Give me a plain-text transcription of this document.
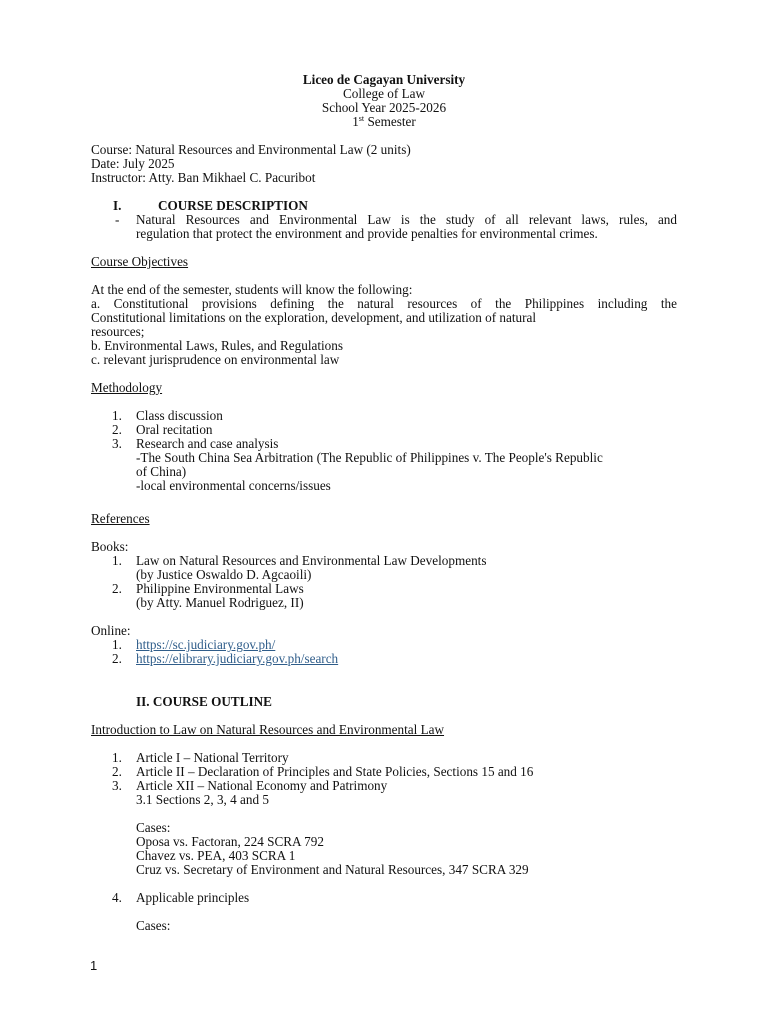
Liceo de Cagayan University
College of Law
School Year 2025-2026
1st Semester
Course: Natural Resources and Environmental Law (2 units)
Date: July 2025
Instructor: Atty. Ban Mikhael C. Pacuribot
I.	COURSE DESCRIPTION
- Natural Resources and Environmental Law is the study of all relevant laws, rules, and
regulation that protect the environment and provide penalties for environmental crimes.
Course Objectives
At the end of the semester, students will know the following:
a. Constitutional provisions defining the natural resources of the Philippines including the
Constitutional limitations on the exploration, development, and utilization of natural
resources;
b. Environmental Laws, Rules, and Regulations
c. relevant jurisprudence on environmental law
Methodology
1. Class discussion
2. Oral recitation
3. Research and case analysis
-The South China Sea Arbitration (The Republic of Philippines v. The People's Republic
of China)
-local environmental concerns/issues
References
Books:
1. Law on Natural Resources and Environmental Law Developments
(by Justice Oswaldo D. Agcaoili)
2. Philippine Environmental Laws
(by Atty. Manuel Rodriguez, II)
Online:
1. https://sc.judiciary.gov.ph/
2. https://elibrary.judiciary.gov.ph/search
II. COURSE OUTLINE
Introduction to Law on Natural Resources and Environmental Law
1. Article I – National Territory
2. Article II – Declaration of Principles and State Policies, Sections 15 and 16
3. Article XII – National Economy and Patrimony
3.1 Sections 2, 3, 4 and 5
Cases:
Oposa vs. Factoran, 224 SCRA 792
Chavez vs. PEA, 403 SCRA 1
Cruz vs. Secretary of Environment and Natural Resources, 347 SCRA 329
4. Applicable principles
Cases:
1
